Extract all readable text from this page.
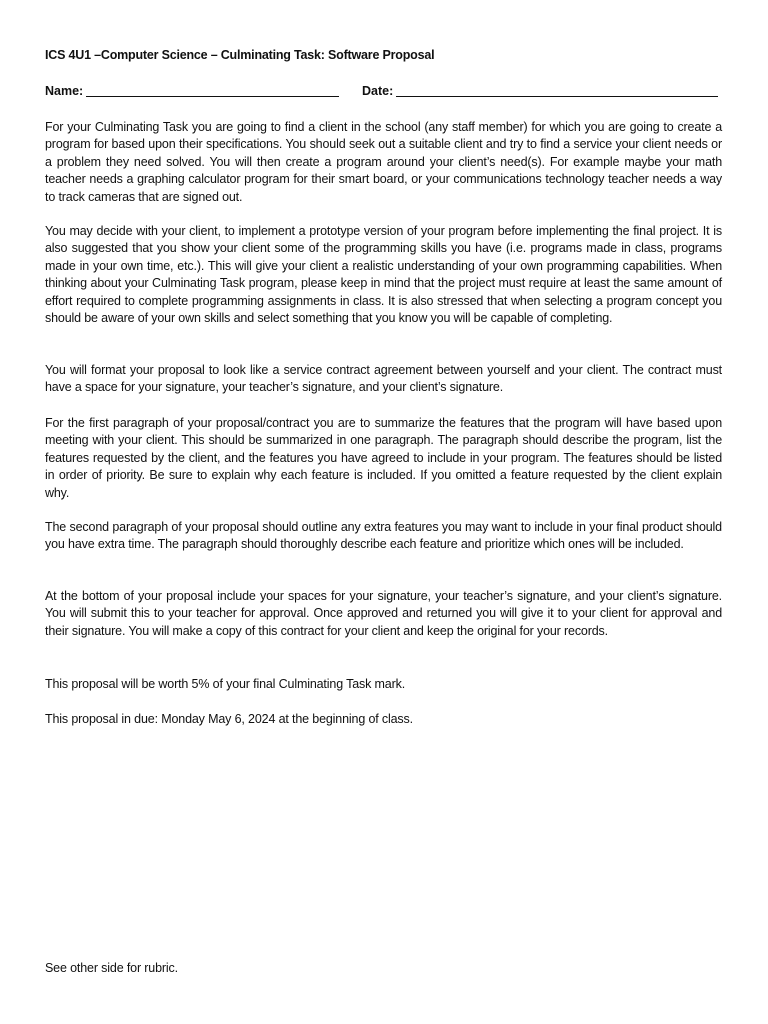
ICS 4U1 –Computer Science – Culminating Task: Software Proposal
Name:	Date:

For your Culminating Task you are going to find a client in the school (any staff member) for which you are going to create a program for based upon their specifications. You should seek out a suitable client and try to find a service your client needs or a problem they need solved. You will then create a program around your client’s need(s). For example maybe your math teacher needs a graphing calculator program for their smart board, or your communications technology teacher needs a way to track cameras that are signed out.

You may decide with your client, to implement a prototype version of your program before implementing the final project. It is also suggested that you show your client some of the programming skills you have (i.e. programs made in class, programs made in your own time, etc.). This will give your client a realistic understanding of your own programming capabilities. When thinking about your Culminating Task program, please keep in mind that the project must require at least the same amount of effort required to complete programming assignments in class. It is also stressed that when selecting a program concept you should be aware of your own skills and select something that you know you will be capable of completing.

You will format your proposal to look like a service contract agreement between yourself and your client. The contract must have a space for your signature, your teacher’s signature, and your client’s signature.

For the first paragraph of your proposal/contract you are to summarize the features that the program will have based upon meeting with your client. This should be summarized in one paragraph. The paragraph should describe the program, list the features requested by the client, and the features you have agreed to include in your program. The features should be listed in order of priority. Be sure to explain why each feature is included. If you omitted a feature requested by the client explain why.

The second paragraph of your proposal should outline any extra features you may want to include in your final product should you have extra time. The paragraph should thoroughly describe each feature and prioritize which ones will be included.

At the bottom of your proposal include your spaces for your signature, your teacher’s signature, and your client’s signature. You will submit this to your teacher for approval. Once approved and returned you will give it to your client for approval and their signature. You will make a copy of this contract for your client and keep the original for your records.

This proposal will be worth 5% of your final Culminating Task mark.

This proposal in due: Monday May 6, 2024 at the beginning of class.

See other side for rubric.
